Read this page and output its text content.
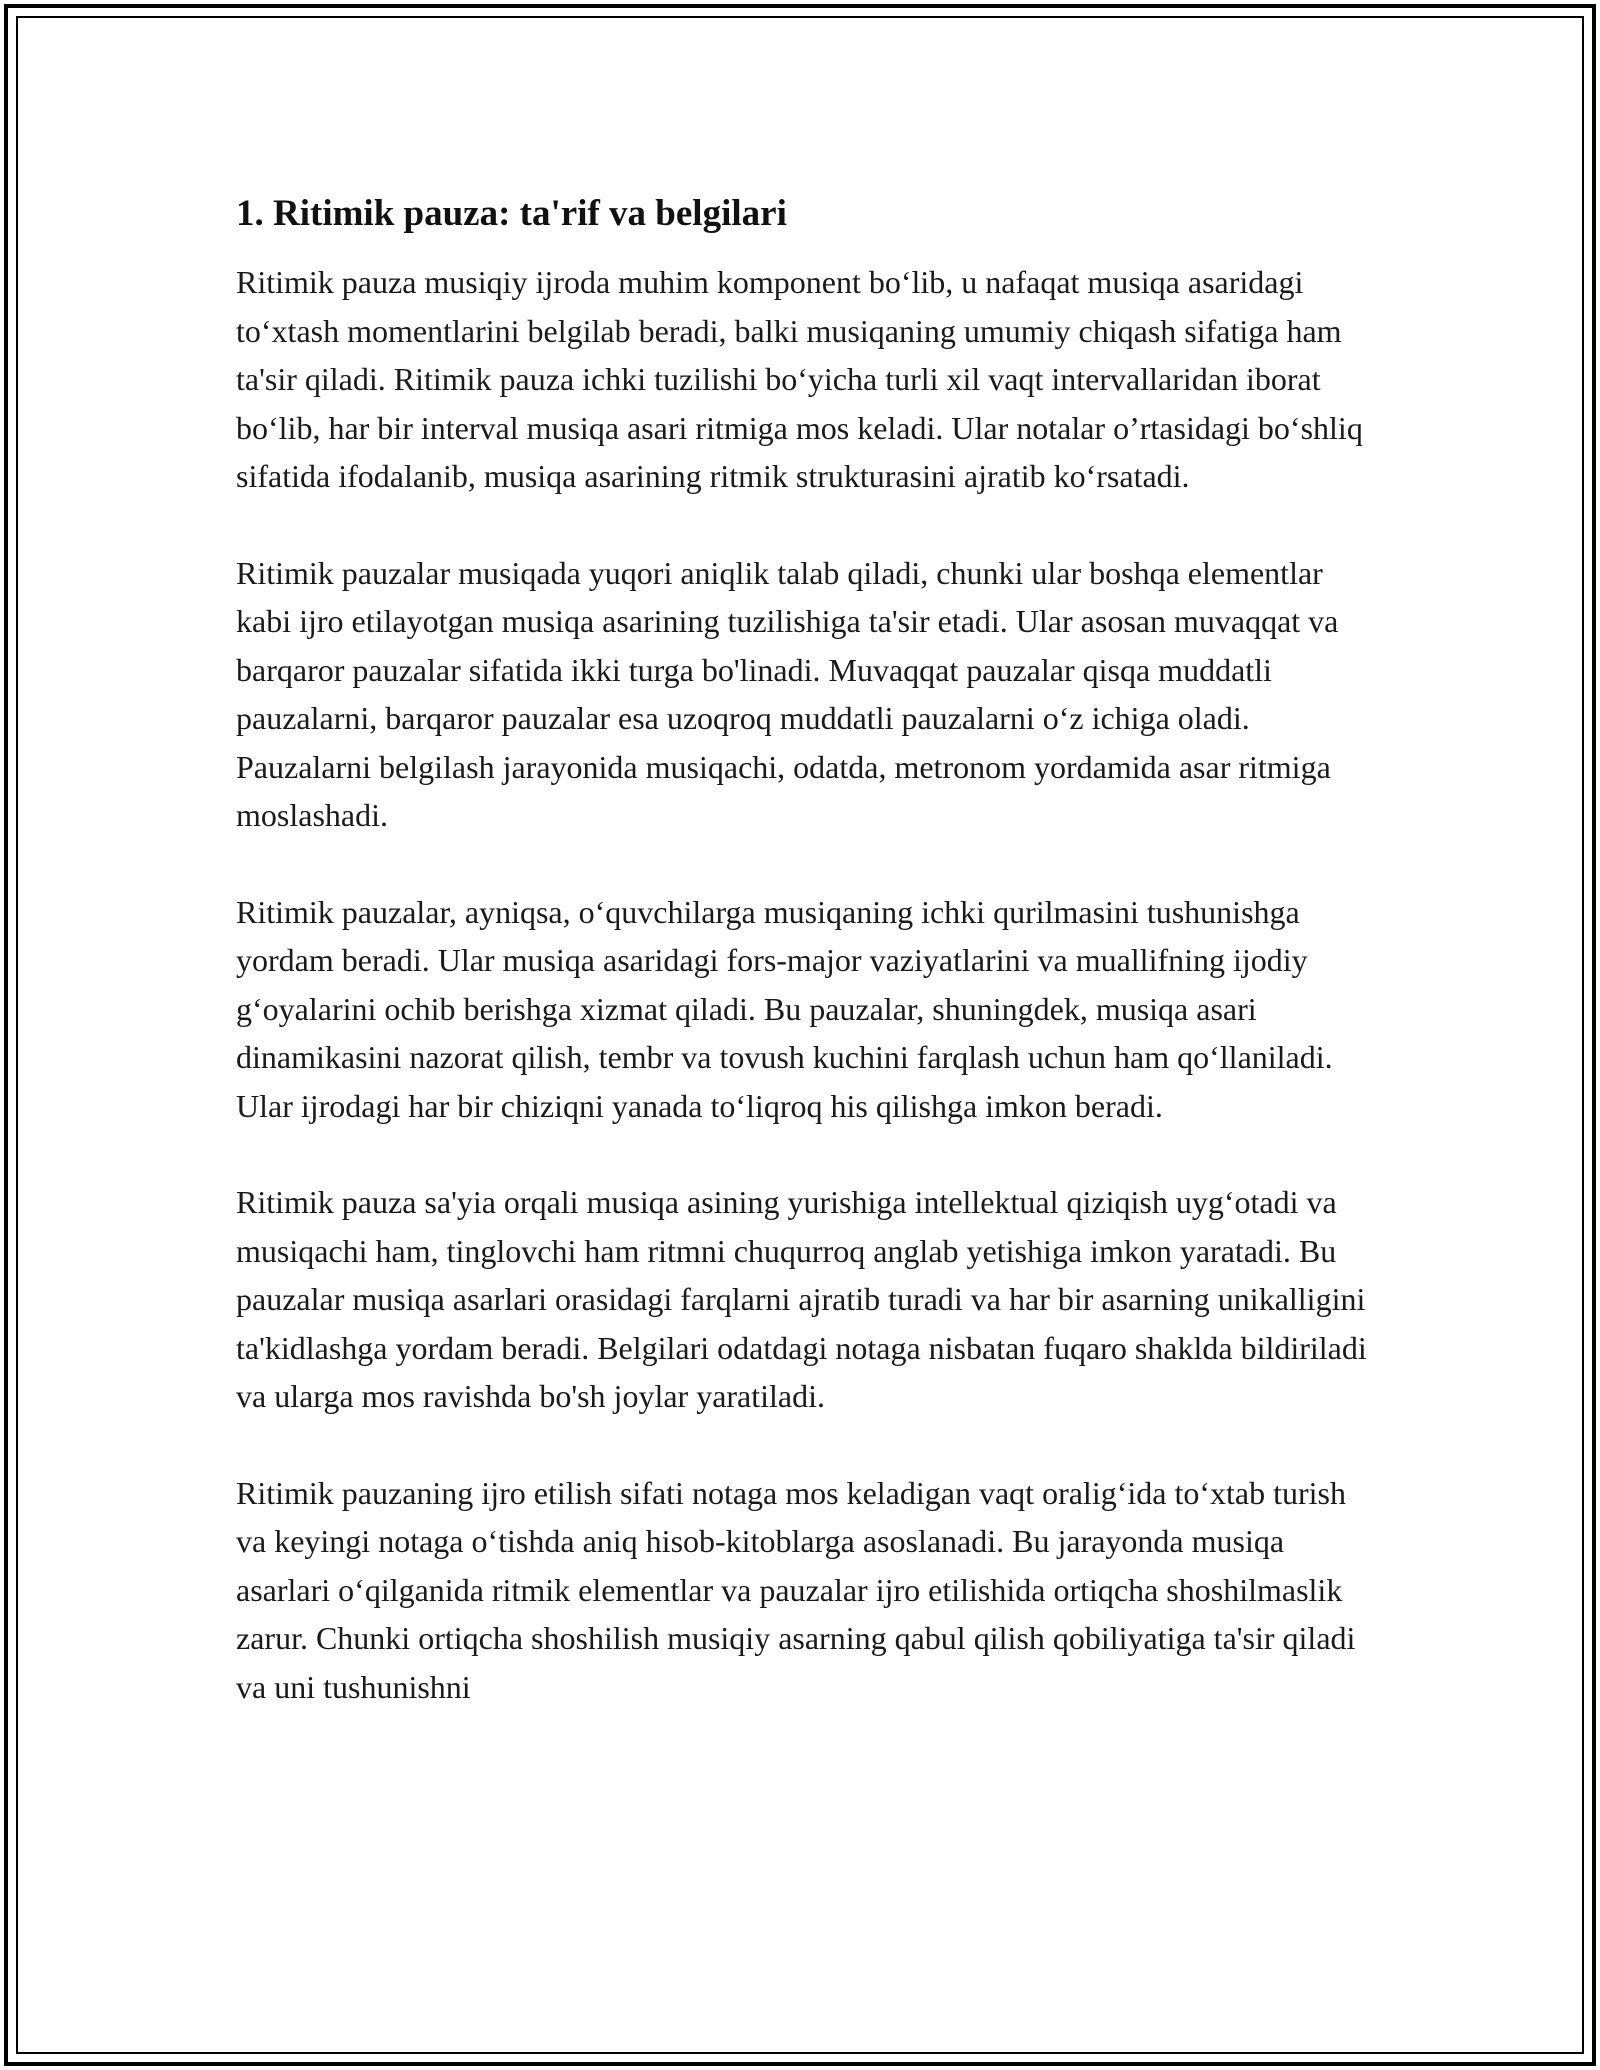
1. Ritimik pauza: ta'rif va belgilari

Ritimik pauza musiqiy ijroda muhim komponent bo‘lib, u nafaqat musiqa asaridagi to‘xtash momentlarini belgilab beradi, balki musiqaning umumiy chiqash sifatiga ham ta'sir qiladi. Ritimik pauza ichki tuzilishi bo‘yicha turli xil vaqt intervallaridan iborat bo‘lib, har bir interval musiqa asari ritmiga mos keladi. Ular notalar o’rtasidagi bo‘shliq sifatida ifodalanib, musiqa asarining ritmik strukturasini ajratib ko‘rsatadi.

Ritimik pauzalar musiqada yuqori aniqlik talab qiladi, chunki ular boshqa elementlar kabi ijro etilayotgan musiqa asarining tuzilishiga ta'sir etadi. Ular asosan muvaqqat va barqaror pauzalar sifatida ikki turga bo'linadi. Muvaqqat pauzalar qisqa muddatli pauzalarni, barqaror pauzalar esa uzoqroq muddatli pauzalarni o‘z ichiga oladi. Pauzalarni belgilash jarayonida musiqachi, odatda, metronom yordamida asar ritmiga moslashadi.

Ritimik pauzalar, ayniqsa, o‘quvchilarga musiqaning ichki qurilmasini tushunishga yordam beradi. Ular musiqa asaridagi fors-major vaziyatlarini va muallifning ijodiy g‘oyalarini ochib berishga xizmat qiladi. Bu pauzalar, shuningdek, musiqa asari dinamikasini nazorat qilish, tembr va tovush kuchini farqlash uchun ham qo‘llaniladi. Ular ijrodagi har bir chiziqni yanada to‘liqroq his qilishga imkon beradi.

Ritimik pauza sa'yia orqali musiqa asining yurishiga intellektual qiziqish uyg‘otadi va musiqachi ham, tinglovchi ham ritmni chuqurroq anglab yetishiga imkon yaratadi. Bu pauzalar musiqa asarlari orasidagi farqlarni ajratib turadi va har bir asarning unikalligini ta'kidlashga yordam beradi. Belgilari odatdagi notaga nisbatan fuqaro shaklda bildiriladi va ularga mos ravishda bo'sh joylar yaratiladi.

Ritimik pauzaning ijro etilish sifati notaga mos keladigan vaqt oralig‘ida to‘xtab turish va keyingi notaga o‘tishda aniq hisob-kitoblarga asoslanadi. Bu jarayonda musiqa asarlari o‘qilganida ritmik elementlar va pauzalar ijro etilishida ortiqcha shoshilmaslik zarur. Chunki ortiqcha shoshilish musiqiy asarning qabul qilish qobiliyatiga ta'sir qiladi va uni tushunishni
